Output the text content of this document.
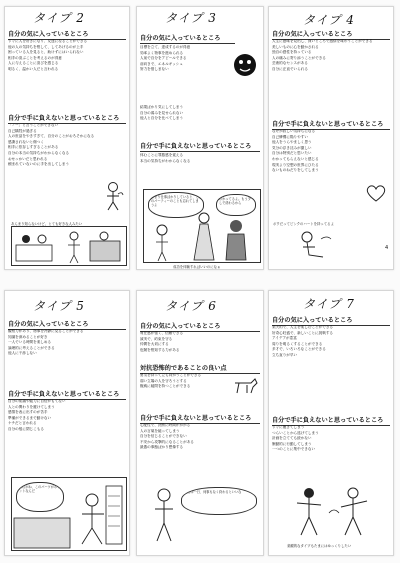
タイプ 2
自分の気に入っているところ
すぐに人を好きになり、友達になることができる
他の人の気持ちを察して、してあげるのが上手
困っている人を見ると、助けずにはいられない
相手の喜ぶことを考えるのが得意
人に与えることに喜びを感じる
明るく、温かい人だと言われる
自分で手に負えないと思っているところ
「ノー」と言うことができない
自己犠牲が過ぎる
人の世話をやきすぎて、自分のことがおろそかになる
感謝されないと傷つく
相手に依存しすぎることがある
自分の本当の気持ちがわからなくなる
おせっかいだと思われる
頼まれていないのに手を出してしまう
あんまり知らないけど、とても好きな人みたい
タイプ 3
自分の気に入っているところ
目標を立て、達成するのが得意
効率よく物事を進められる
人前で自分をアピールできる
前向きで、エネルギッシュ
努力を惜しまない
結果ばかり気にしてしまう
自分の弱みを見せられない
他人と自分を比べてしまう
自分で手に負えないと思っているところ
休むことに罪悪感を覚える
本当の気持ちがわからなくなる
あまり仕事ばかりしていると、このパーティーのことも忘れてしまうよ
わかってるよ。もう少しで終わるから
成功を体験すればいいのになぁ
タイプ 4
自分の気に入っているところ
人生に意味を見出し、深いところで感情を味わうことができる
美しいものに心を動かされる
独自の感性を持っている
人の痛みに寄り添うことができる
芸術的なセンスがある
自分に正直でいられる
自分で手に負えないと思っているところ
なぜか寂しい気持ちになる
自己憐憫に陥りやすい
他人をうらやましく思う
気分の浮き沈みが激しい
自分は特別だと思いたい
わかってもらえないと感じる
現実より空想の世界にひたる
ないものねだりをしてしまう
ボクだってピンクのハートを持ってるよ
4
タイプ 5
自分の気に入っているところ
観察力があり、物事を冷静に見ることができる
知識を深めることが好き
一人でいる時間を楽しめる
論理的に考えることができる
他人に干渉しない
自分で手に負えないと思っているところ
自分の知識や能力に自信がもてない
人との関わりを避けてしまう
感情を表に出すのが苦手
準備ができるまで動けない
ケチだと言われる
自分の殻に閉じこもる
これがね、このパーツがポイントなんだ
タイプ 6
自分の気に入っているところ
責任感が強く、信頼できる
誠実で、約束を守る
仲間を大切にする
危険を察知する力がある
対抗恐怖的であることの良い点
勇気を持って立ち向かうことができる
弱い立場の人を守ろうとする
権威に疑問を持つことができる
自分で手に負えないと思っているところ
心配性で、決断に時間がかかる
人の言葉を疑ってしまう
自分を信じることができない
不安から攻撃的になることがある
最悪の事態ばかり想像する
今日は一日、何事もなく終わるといいな
タイプ 7
自分の気に入っているところ
楽天的で、人生を楽しむことができる
好奇心旺盛で、新しいことに挑戦する
アイデアが豊富
周りを明るくすることができる
多才で、いろいろなことができる
立ち直りが早い
自分で手に負えないと思っているところ
すぐに飽きてしまう
つらいことから逃げてしまう
計画を立てても続かない
衝動的に行動してしまう
一つのことに集中できない
楽観的なタイプもたまにはゆっくりしたい
